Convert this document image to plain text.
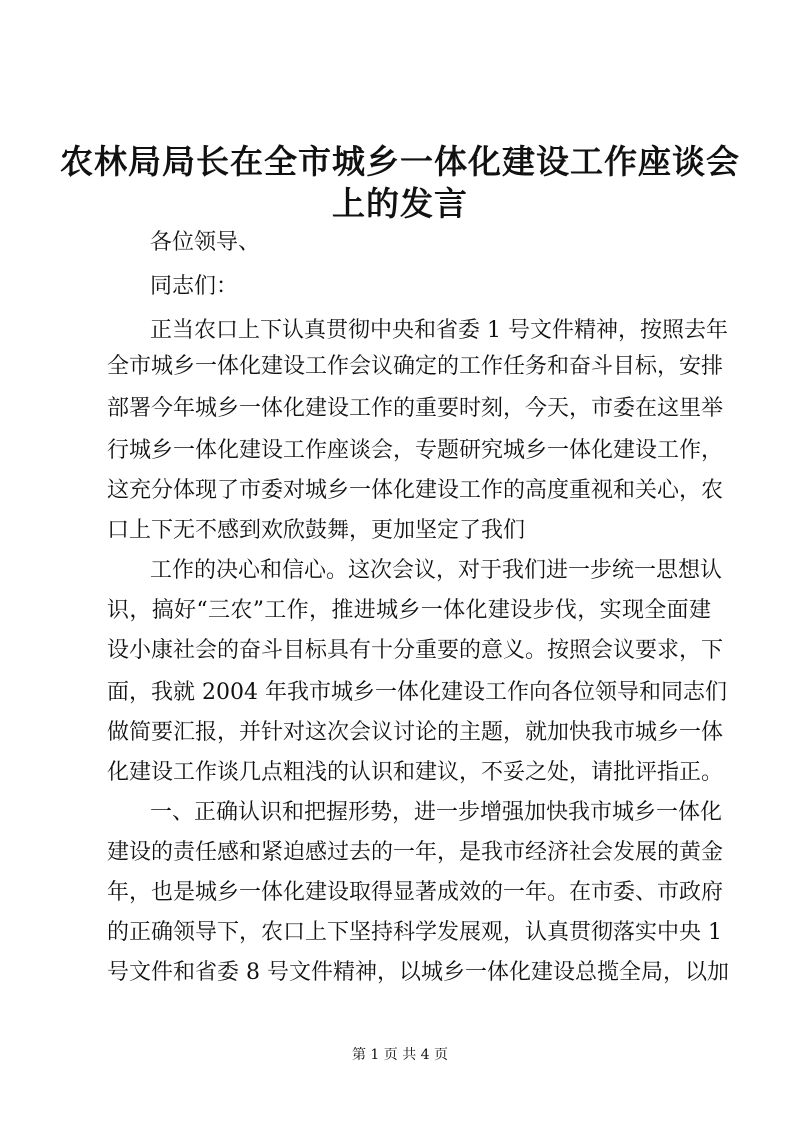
农林局局长在全市城乡一体化建设工作座谈会
上的发言
各位领导、
同志们：
正当农口上下认真贯彻中央和省委 1 号文件精神，按照去年
全市城乡一体化建设工作会议确定的工作任务和奋斗目标，安排
部署今年城乡一体化建设工作的重要时刻，今天，市委在这里举
行城乡一体化建设工作座谈会，专题研究城乡一体化建设工作，
这充分体现了市委对城乡一体化建设工作的高度重视和关心，农
口上下无不感到欢欣鼓舞，更加坚定了我们
工作的决心和信心。这次会议，对于我们进一步统一思想认
识，搞好“三农”工作，推进城乡一体化建设步伐，实现全面建
设小康社会的奋斗目标具有十分重要的意义。按照会议要求，下
面，我就 2004 年我市城乡一体化建设工作向各位领导和同志们
做简要汇报，并针对这次会议讨论的主题，就加快我市城乡一体
化建设工作谈几点粗浅的认识和建议，不妥之处，请批评指正。
一、正确认识和把握形势，进一步增强加快我市城乡一体化
建设的责任感和紧迫感过去的一年，是我市经济社会发展的黄金
年，也是城乡一体化建设取得显著成效的一年。在市委、市政府
的正确领导下，农口上下坚持科学发展观，认真贯彻落实中央 1
号文件和省委 8 号文件精神，以城乡一体化建设总揽全局，以加
第 1 页 共 4 页
